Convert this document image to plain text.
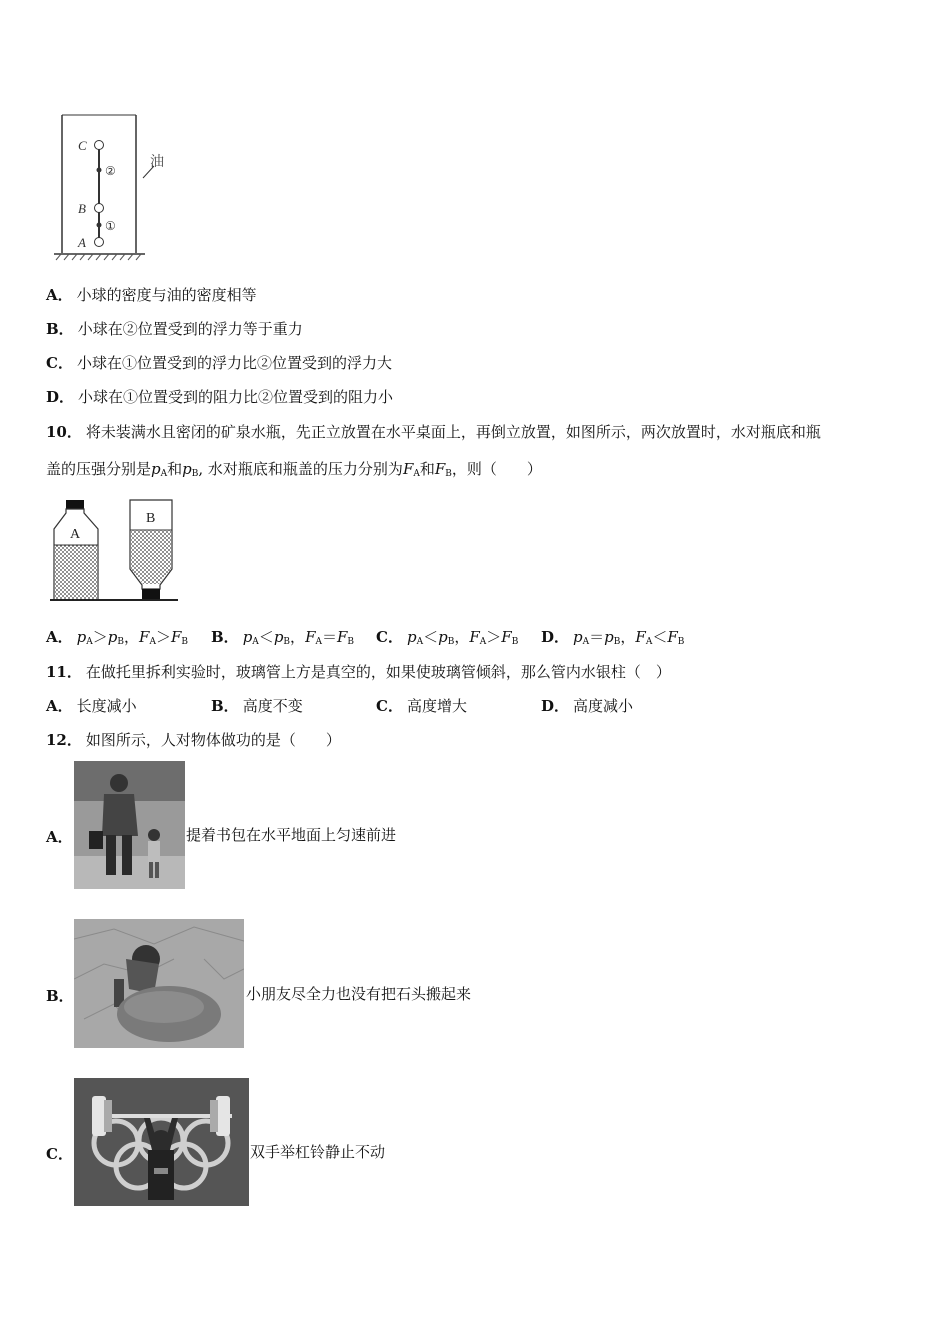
C
B
A
②
①
油
A． 小球的密度与油的密度相等
B． 小球在②位置受到的浮力等于重力
C． 小球在①位置受到的浮力比②位置受到的浮力大
D． 小球在①位置受到的阻力比②位置受到的阻力小
10． 将未装满水且密闭的矿泉水瓶，先正立放置在水平桌面上，再倒立放置，如图所示，两次放置时，水对瓶底和瓶
盖的压强分别是$p_A$和$p_B$, 水对瓶底和瓶盖的压力分别为$F_A$和$F_B$，则（　　）
A
B
A． $p_A>p_B$，$F_A>F_B$ B． $p_A<p_B$，$F_A=F_B$ C． $p_A<p_B$，$F_A>F_B$ D． $p_A=p_B$，$F_A<F_B$
11． 在做托里拆利实验时，玻璃管上方是真空的，如果使玻璃管倾斜，那么管内水银柱（　）
A． 长度减小	B． 高度不变	C． 高度增大	D． 高度减小
12． 如图所示，人对物体做功的是（　　）
A．	提着书包在水平地面上匀速前进
B．	小朋友尽全力也没有把石头搬起来
C．	双手举杠铃静止不动
